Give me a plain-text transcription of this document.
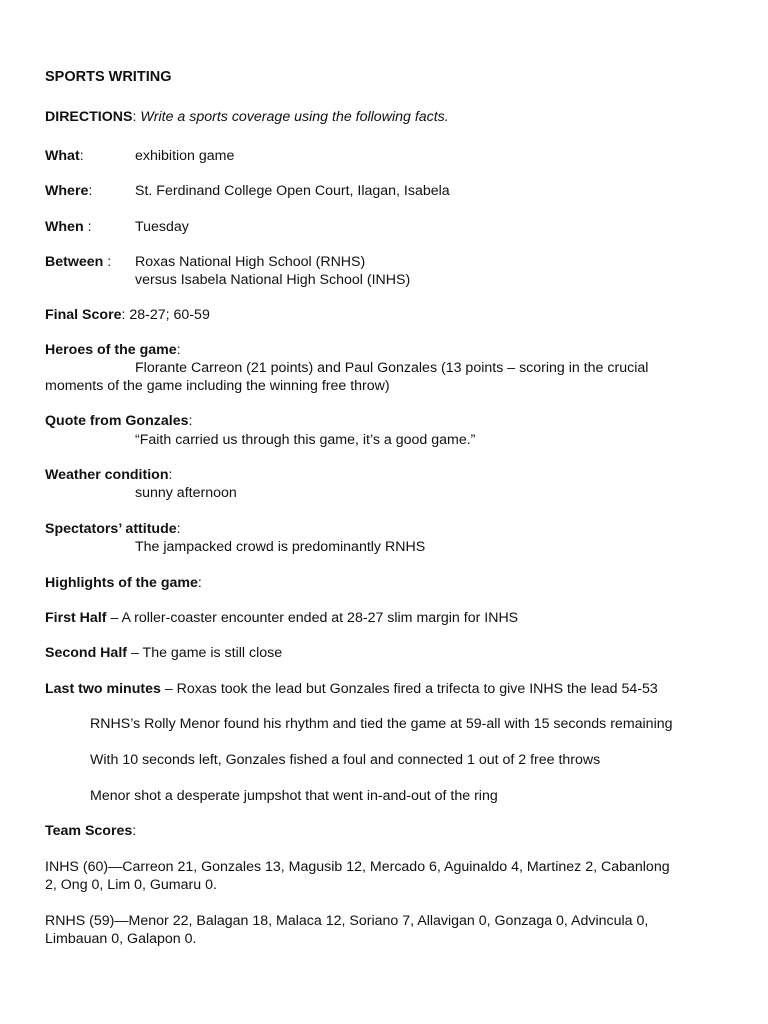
SPORTS WRITING
DIRECTIONS: Write a sports coverage using the following facts.
What:	exhibition game
Where:	St. Ferdinand College Open Court, Ilagan, Isabela
When :	Tuesday
Between : Roxas National High School (RNHS)
versus Isabela National High School (INHS)
Final Score: 28-27; 60-59
Heroes of the game:
Florante Carreon (21 points) and Paul Gonzales (13 points – scoring in the crucial
moments of the game including the winning free throw)
Quote from Gonzales:
“Faith carried us through this game, it’s a good game.”
Weather condition:
sunny afternoon
Spectators’ attitude:
The jampacked crowd is predominantly RNHS
Highlights of the game:
First Half – A roller-coaster encounter ended at 28-27 slim margin for INHS
Second Half – The game is still close
Last two minutes – Roxas took the lead but Gonzales fired a trifecta to give INHS the lead 54-53
RNHS’s Rolly Menor found his rhythm and tied the game at 59-all with 15 seconds remaining
With 10 seconds left, Gonzales fished a foul and connected 1 out of 2 free throws
Menor shot a desperate jumpshot that went in-and-out of the ring
Team Scores:
INHS (60)—Carreon 21, Gonzales 13, Magusib 12, Mercado 6, Aguinaldo 4, Martinez 2, Cabanlong
2, Ong 0, Lim 0, Gumaru 0.
RNHS (59)—Menor 22, Balagan 18, Malaca 12, Soriano 7, Allavigan 0, Gonzaga 0, Advincula 0,
Limbauan 0, Galapon 0.
